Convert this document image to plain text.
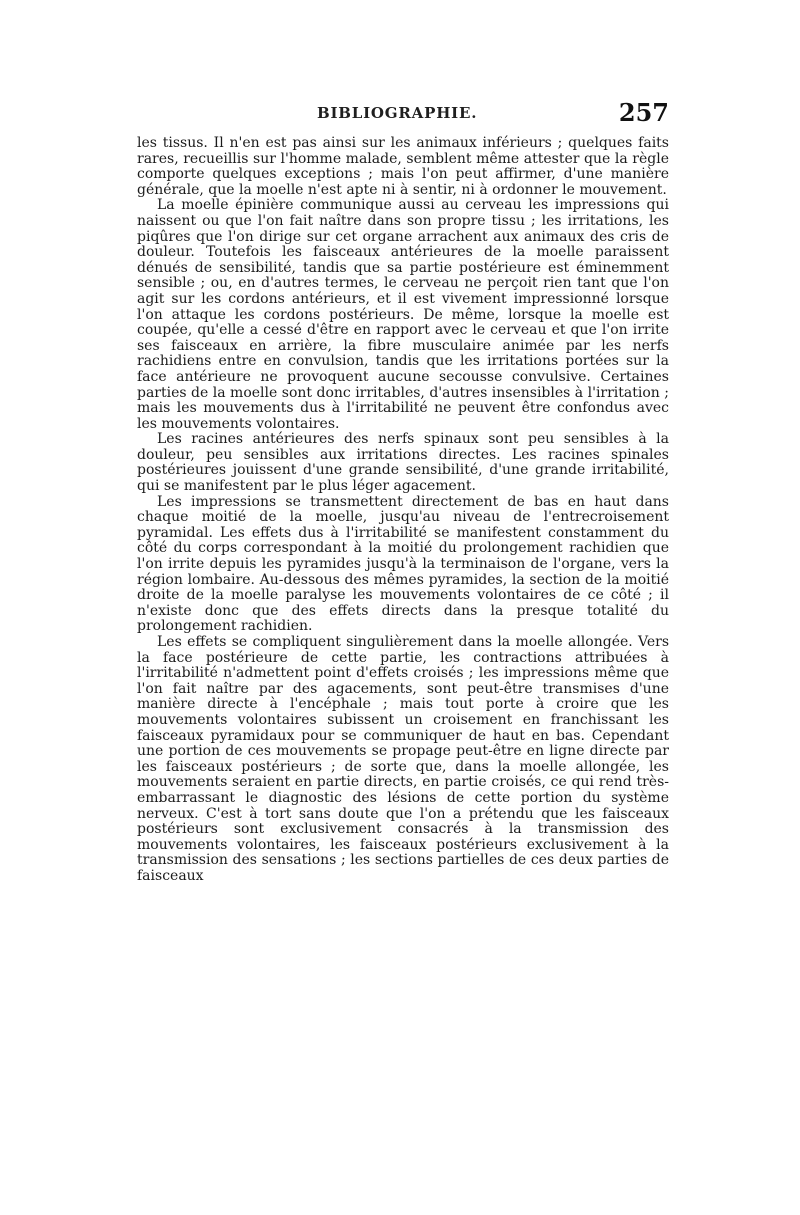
BIBLIOGRAPHIE.	257

les tissus. Il n'en est pas ainsi sur les animaux inférieurs ; quelques faits rares, recueillis sur l'homme malade, semblent même attester que la règle comporte quelques exceptions ; mais l'on peut affirmer, d'une manière générale, que la moelle n'est apte ni à sentir, ni à ordonner le mouvement.

La moelle épinière communique aussi au cerveau les impressions qui naissent ou que l'on fait naître dans son propre tissu ; les irritations, les piqûres que l'on dirige sur cet organe arrachent aux animaux des cris de douleur. Toutefois les faisceaux antérieures de la moelle paraissent dénués de sensibilité, tandis que sa partie postérieure est éminemment sensible ; ou, en d'autres termes, le cerveau ne perçoit rien tant que l'on agit sur les cordons antérieurs, et il est vivement impressionné lorsque l'on attaque les cordons postérieurs. De même, lorsque la moelle est coupée, qu'elle a cessé d'être en rapport avec le cerveau et que l'on irrite ses faisceaux en arrière, la fibre musculaire animée par les nerfs rachidiens entre en convulsion, tandis que les irritations portées sur la face antérieure ne provoquent aucune secousse convulsive. Certaines parties de la moelle sont donc irritables, d'autres insensibles à l'irritation ; mais les mouvements dus à l'irritabilité ne peuvent être confondus avec les mouvements volontaires.

Les racines antérieures des nerfs spinaux sont peu sensibles à la douleur, peu sensibles aux irritations directes. Les racines spinales postérieures jouissent d'une grande sensibilité, d'une grande irritabilité, qui se manifestent par le plus léger agacement.

Les impressions se transmettent directement de bas en haut dans chaque moitié de la moelle, jusqu'au niveau de l'entrecroisement pyramidal. Les effets dus à l'irritabilité se manifestent constamment du côté du corps correspondant à la moitié du prolongement rachidien que l'on irrite depuis les pyramides jusqu'à la terminaison de l'organe, vers la région lombaire. Au-dessous des mêmes pyramides, la section de la moitié droite de la moelle paralyse les mouvements volontaires de ce côté ; il n'existe donc que des effets directs dans la presque totalité du prolongement rachidien.

Les effets se compliquent singulièrement dans la moelle allongée. Vers la face postérieure de cette partie, les contractions attribuées à l'irritabilité n'admettent point d'effets croisés ; les impressions même que l'on fait naître par des agacements, sont peut-être transmises d'une manière directe à l'encéphale ; mais tout porte à croire que les mouvements volontaires subissent un croisement en franchissant les faisceaux pyramidaux pour se communiquer de haut en bas. Cependant une portion de ces mouvements se propage peut-être en ligne directe par les faisceaux postérieurs ; de sorte que, dans la moelle allongée, les mouvements seraient en partie directs, en partie croisés, ce qui rend très-embarrassant le diagnostic des lésions de cette portion du système nerveux. C'est à tort sans doute que l'on a prétendu que les faisceaux postérieurs sont exclusivement consacrés à la transmission des mouvements volontaires, les faisceaux postérieurs exclusivement à la transmission des sensations ; les sections partielles de ces deux parties de faisceaux
